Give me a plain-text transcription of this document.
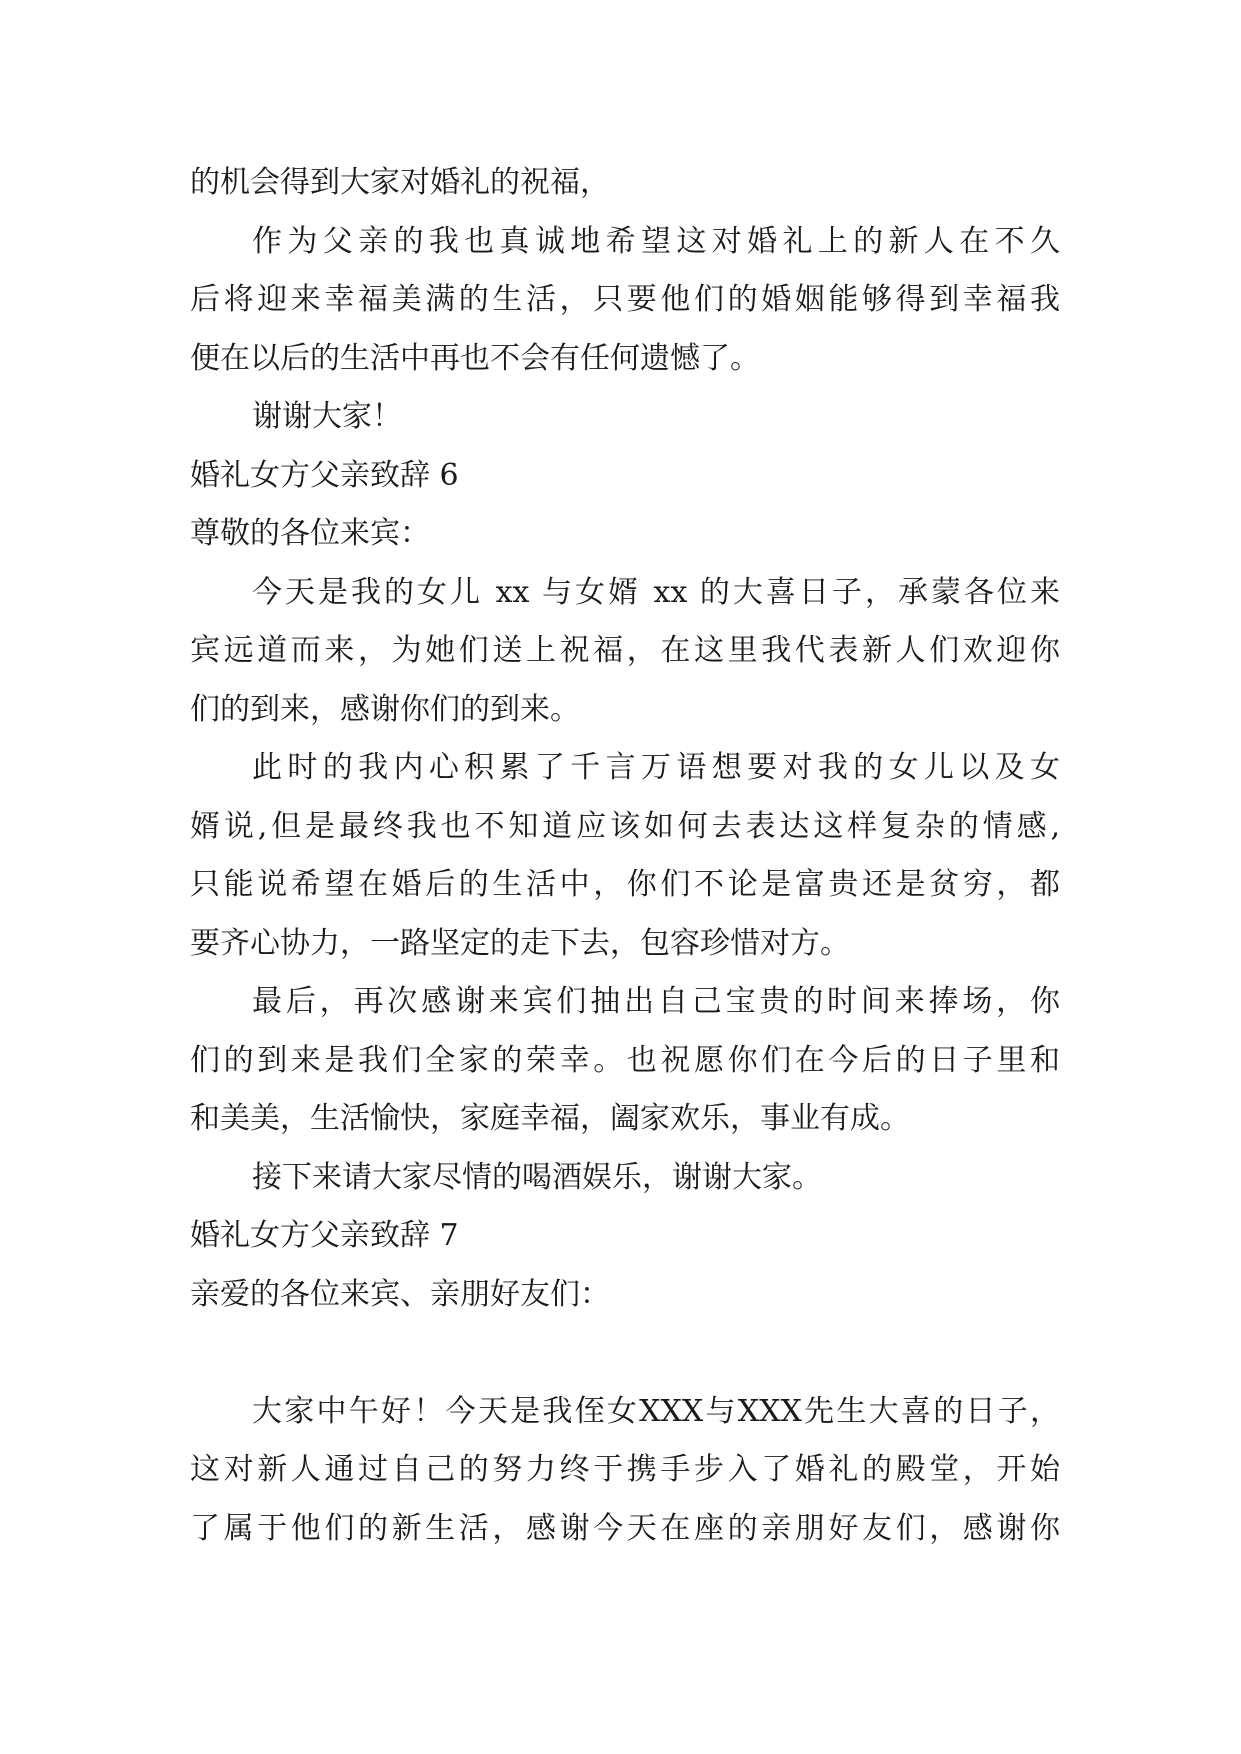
的机会得到大家对婚礼的祝福，
作为父亲的我也真诚地希望这对婚礼上的新人在不久
后将迎来幸福美满的生活，只要他们的婚姻能够得到幸福我
便在以后的生活中再也不会有任何遗憾了。
谢谢大家！
婚礼女方父亲致辞 6
尊敬的各位来宾：
今天是我的女儿 xx 与女婿 xx 的大喜日子，承蒙各位来
宾远道而来，为她们送上祝福，在这里我代表新人们欢迎你
们的到来，感谢你们的到来。
此时的我内心积累了千言万语想要对我的女儿以及女
婿说,但是最终我也不知道应该如何去表达这样复杂的情感,
只能说希望在婚后的生活中，你们不论是富贵还是贫穷，都
要齐心协力，一路坚定的走下去，包容珍惜对方。
最后，再次感谢来宾们抽出自己宝贵的时间来捧场，你
们的到来是我们全家的荣幸。也祝愿你们在今后的日子里和
和美美，生活愉快，家庭幸福，阖家欢乐，事业有成。
接下来请大家尽情的喝酒娱乐，谢谢大家。
婚礼女方父亲致辞 7
亲爱的各位来宾、亲朋好友们：
大家中午好！今天是我侄女XXX与XXX先生大喜的日子，
这对新人通过自己的努力终于携手步入了婚礼的殿堂，开始
了属于他们的新生活，感谢今天在座的亲朋好友们，感谢你
